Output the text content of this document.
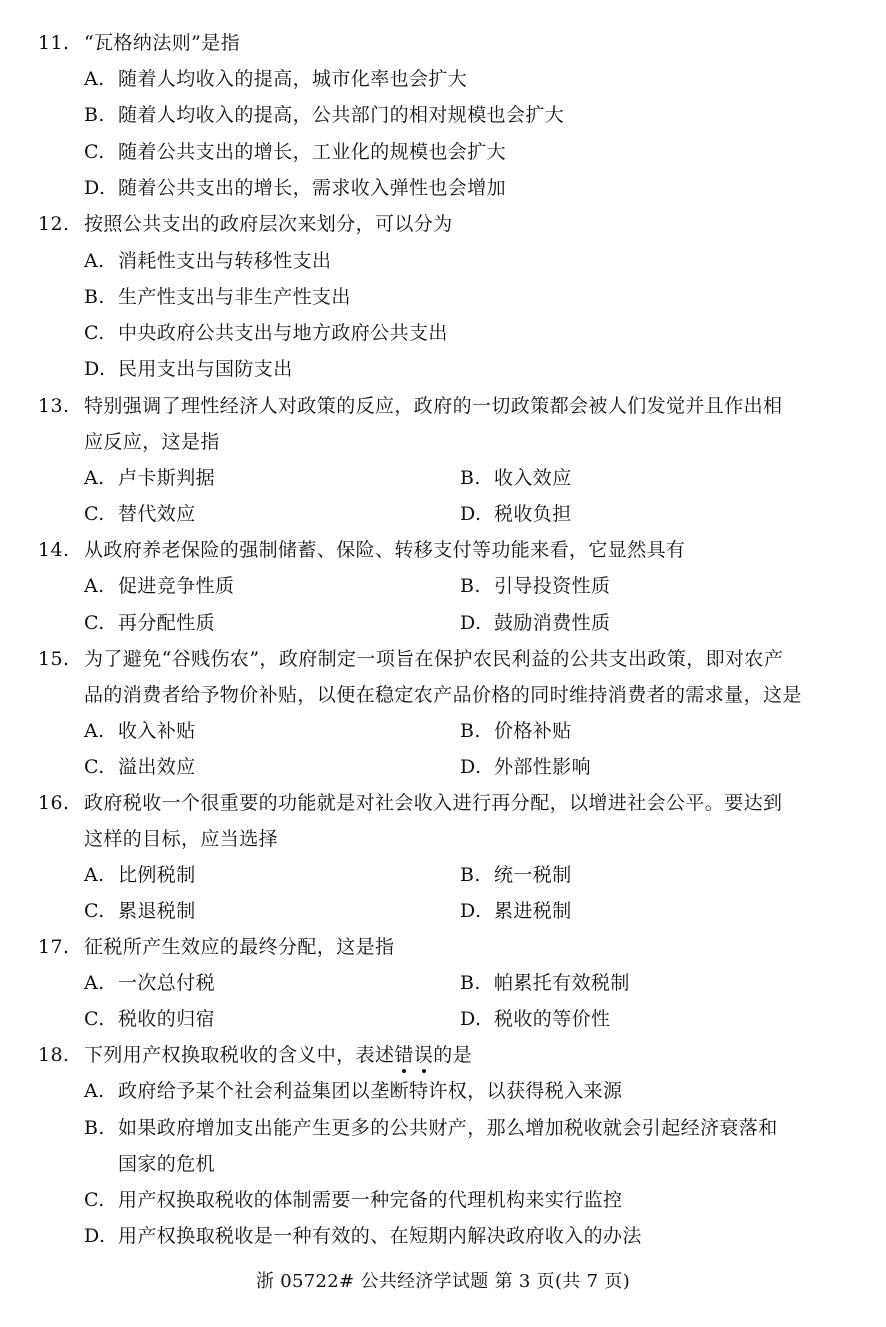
11. “瓦格纳法则”是指
A. 随着人均收入的提高，城市化率也会扩大
B. 随着人均收入的提高，公共部门的相对规模也会扩大
C. 随着公共支出的增长，工业化的规模也会扩大
D. 随着公共支出的增长，需求收入弹性也会增加
12. 按照公共支出的政府层次来划分，可以分为
A. 消耗性支出与转移性支出
B. 生产性支出与非生产性支出
C. 中央政府公共支出与地方政府公共支出
D. 民用支出与国防支出
13. 特别强调了理性经济人对政策的反应，政府的一切政策都会被人们发觉并且作出相
应反应，这是指
A. 卢卡斯判据	B. 收入效应
C. 替代效应	D. 税收负担
14. 从政府养老保险的强制储蓄、保险、转移支付等功能来看，它显然具有
A. 促进竞争性质	B. 引导投资性质
C. 再分配性质	D. 鼓励消费性质
15. 为了避免“谷贱伤农”，政府制定一项旨在保护农民利益的公共支出政策，即对农产
品的消费者给予物价补贴，以便在稳定农产品价格的同时维持消费者的需求量，这是
A. 收入补贴	B. 价格补贴
C. 溢出效应	D. 外部性影响
16. 政府税收一个很重要的功能就是对社会收入进行再分配，以增进社会公平。要达到
这样的目标，应当选择
A. 比例税制	B. 统一税制
C. 累退税制	D. 累进税制
17. 征税所产生效应的最终分配，这是指
A. 一次总付税	B. 帕累托有效税制
C. 税收的归宿	D. 税收的等价性
18. 下列用产权换取税收的含义中，表述错误的是
A. 政府给予某个社会利益集团以垄断特许权，以获得税入来源
B. 如果政府增加支出能产生更多的公共财产，那么增加税收就会引起经济衰落和
国家的危机
C. 用产权换取税收的体制需要一种完备的代理机构来实行监控
D. 用产权换取税收是一种有效的、在短期内解决政府收入的办法
浙 05722# 公共经济学试题 第 3 页(共 7 页)
